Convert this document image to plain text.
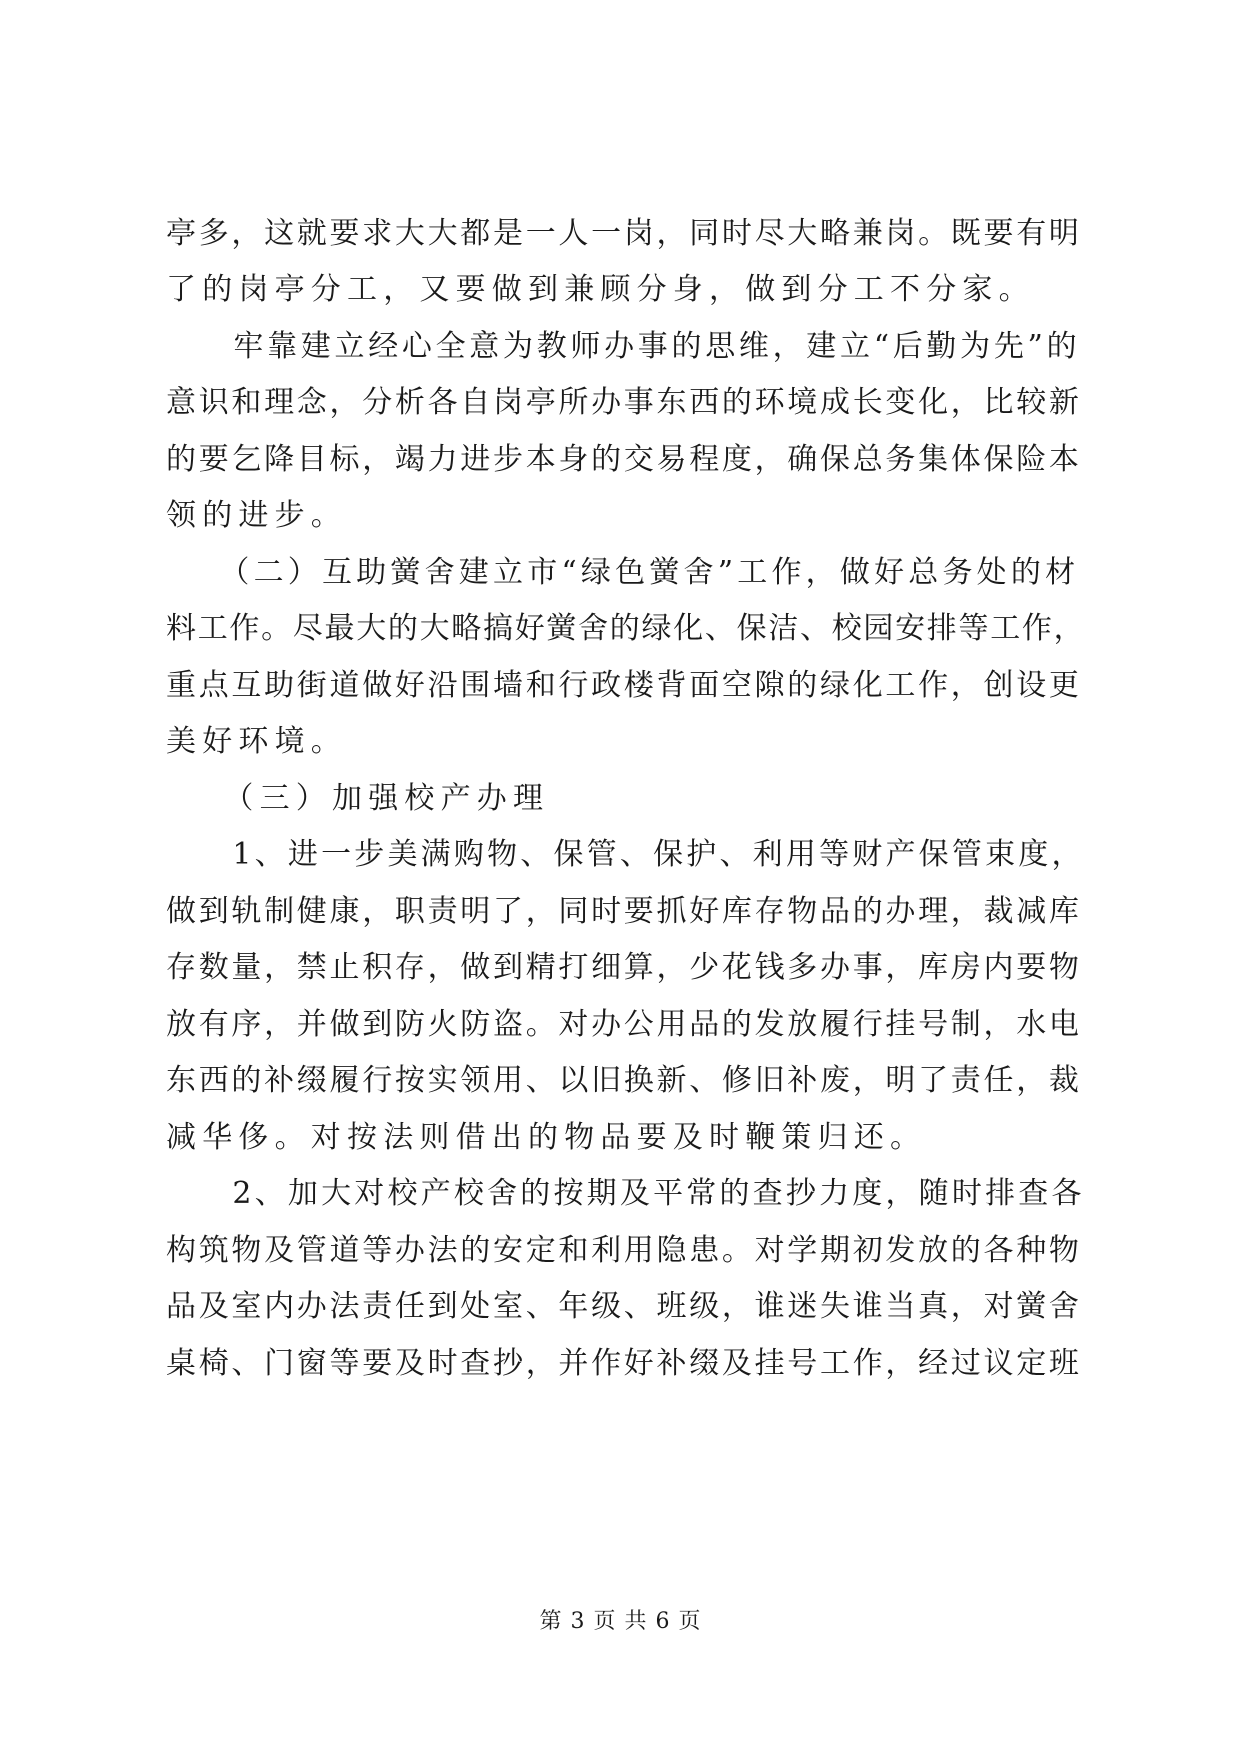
亭多，这就要求大大都是一人一岗，同时尽大略兼岗。既要有明
了的岗亭分工，又要做到兼顾分身，做到分工不分家。
　　牢靠建立经心全意为教师办事的思维，建立“后勤为先”的
意识和理念，分析各自岗亭所办事东西的环境成长变化，比较新
的要乞降目标，竭力进步本身的交易程度，确保总务集体保险本
领的进步。
　　（二）互助黉舍建立市“绿色黉舍”工作，做好总务处的材
料工作。尽最大的大略搞好黉舍的绿化、保洁、校园安排等工作，
重点互助街道做好沿围墙和行政楼背面空隙的绿化工作，创设更
美好环境。
　　（三）加强校产办理
　　1、进一步美满购物、保管、保护、利用等财产保管束度，
做到轨制健康，职责明了，同时要抓好库存物品的办理，裁减库
存数量，禁止积存，做到精打细算，少花钱多办事，库房内要物
放有序，并做到防火防盗。对办公用品的发放履行挂号制，水电
东西的补缀履行按实领用、以旧换新、修旧补废，明了责任，裁
减华侈。对按法则借出的物品要及时鞭策归还。
　　2、加大对校产校舍的按期及平常的查抄力度，随时排查各
构筑物及管道等办法的安定和利用隐患。对学期初发放的各种物
品及室内办法责任到处室、年级、班级，谁迷失谁当真，对黉舍
桌椅、门窗等要及时查抄，并作好补缀及挂号工作，经过议定班
第 3 页 共 6 页
